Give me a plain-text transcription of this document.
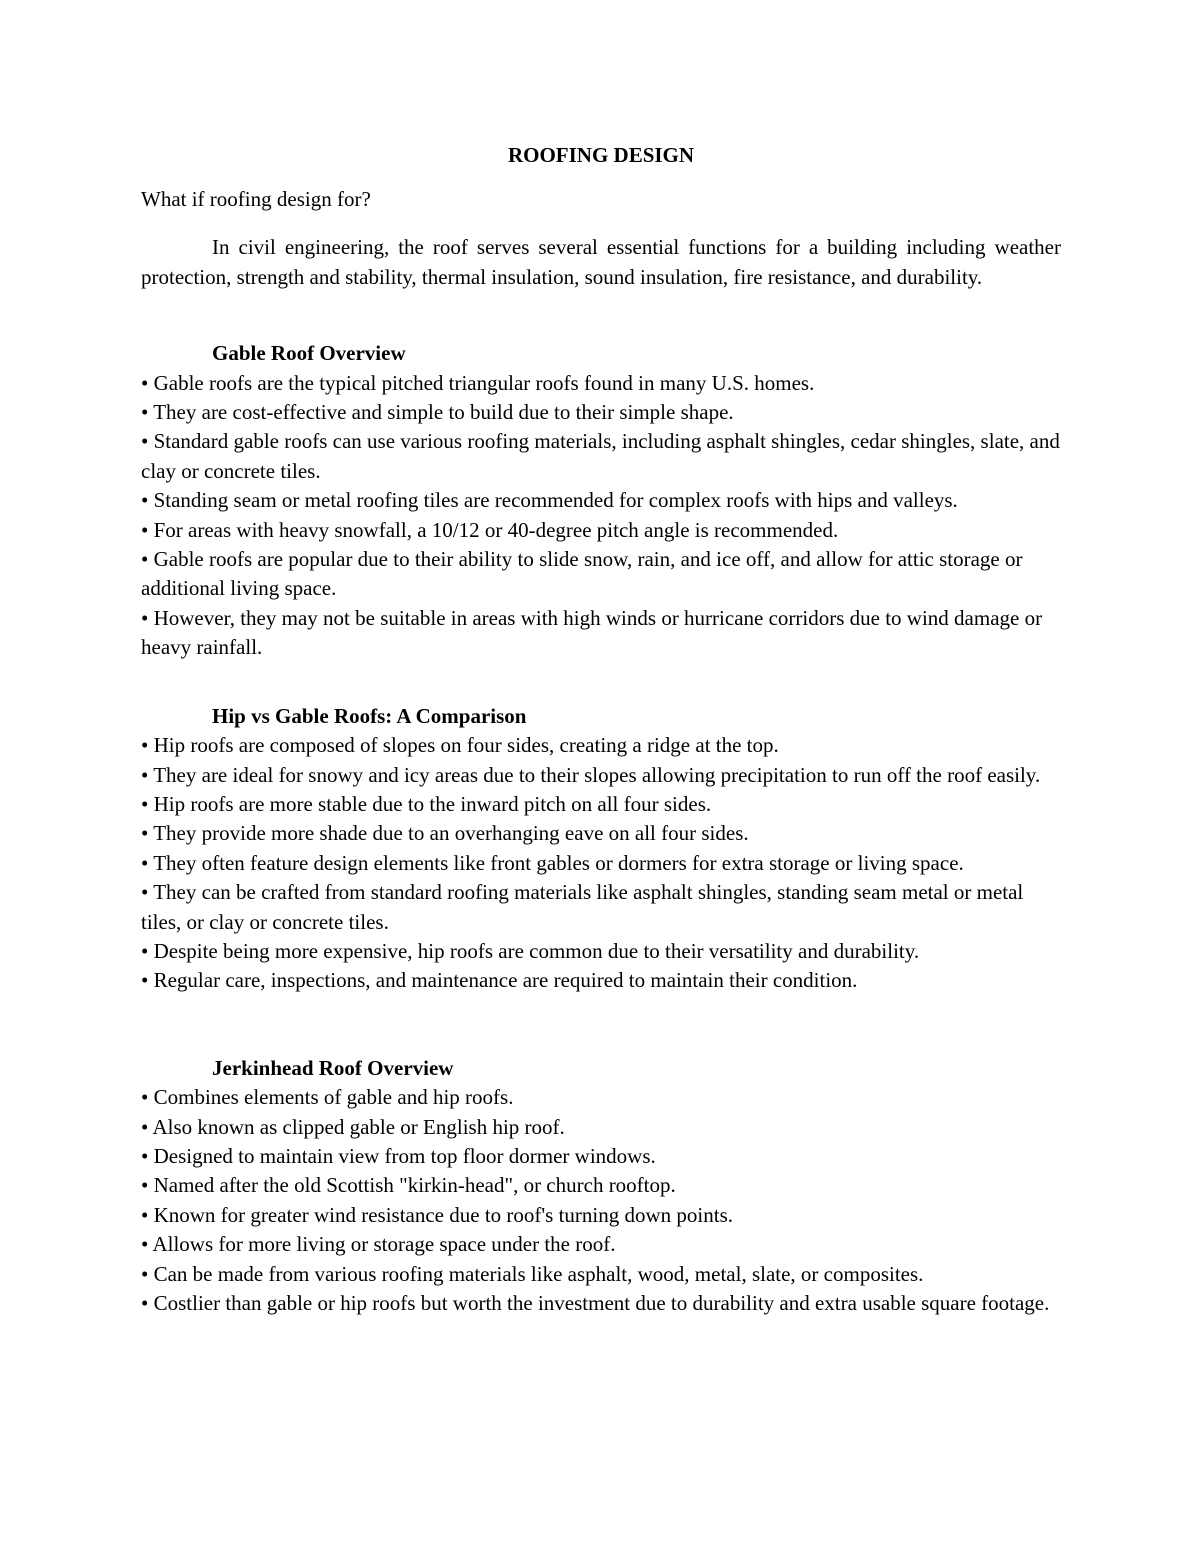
ROOFING DESIGN

What if roofing design for?

In civil engineering, the roof serves several essential functions for a building including weather protection, strength and stability, thermal insulation, sound insulation, fire resistance, and durability.

Gable Roof Overview
• Gable roofs are the typical pitched triangular roofs found in many U.S. homes.
• They are cost-effective and simple to build due to their simple shape.
• Standard gable roofs can use various roofing materials, including asphalt shingles, cedar shingles, slate, and clay or concrete tiles.
• Standing seam or metal roofing tiles are recommended for complex roofs with hips and valleys.
• For areas with heavy snowfall, a 10/12 or 40-degree pitch angle is recommended.
• Gable roofs are popular due to their ability to slide snow, rain, and ice off, and allow for attic storage or additional living space.
• However, they may not be suitable in areas with high winds or hurricane corridors due to wind damage or heavy rainfall.
Hip vs Gable Roofs: A Comparison
• Hip roofs are composed of slopes on four sides, creating a ridge at the top.
• They are ideal for snowy and icy areas due to their slopes allowing precipitation to run off the roof easily.
• Hip roofs are more stable due to the inward pitch on all four sides.
• They provide more shade due to an overhanging eave on all four sides.
• They often feature design elements like front gables or dormers for extra storage or living space.
• They can be crafted from standard roofing materials like asphalt shingles, standing seam metal or metal tiles, or clay or concrete tiles.
• Despite being more expensive, hip roofs are common due to their versatility and durability.
• Regular care, inspections, and maintenance are required to maintain their condition.
Jerkinhead Roof Overview
• Combines elements of gable and hip roofs.
• Also known as clipped gable or English hip roof.
• Designed to maintain view from top floor dormer windows.
• Named after the old Scottish "kirkin-head", or church rooftop.
• Known for greater wind resistance due to roof's turning down points.
• Allows for more living or storage space under the roof.
• Can be made from various roofing materials like asphalt, wood, metal, slate, or composites.
• Costlier than gable or hip roofs but worth the investment due to durability and extra usable square footage.
